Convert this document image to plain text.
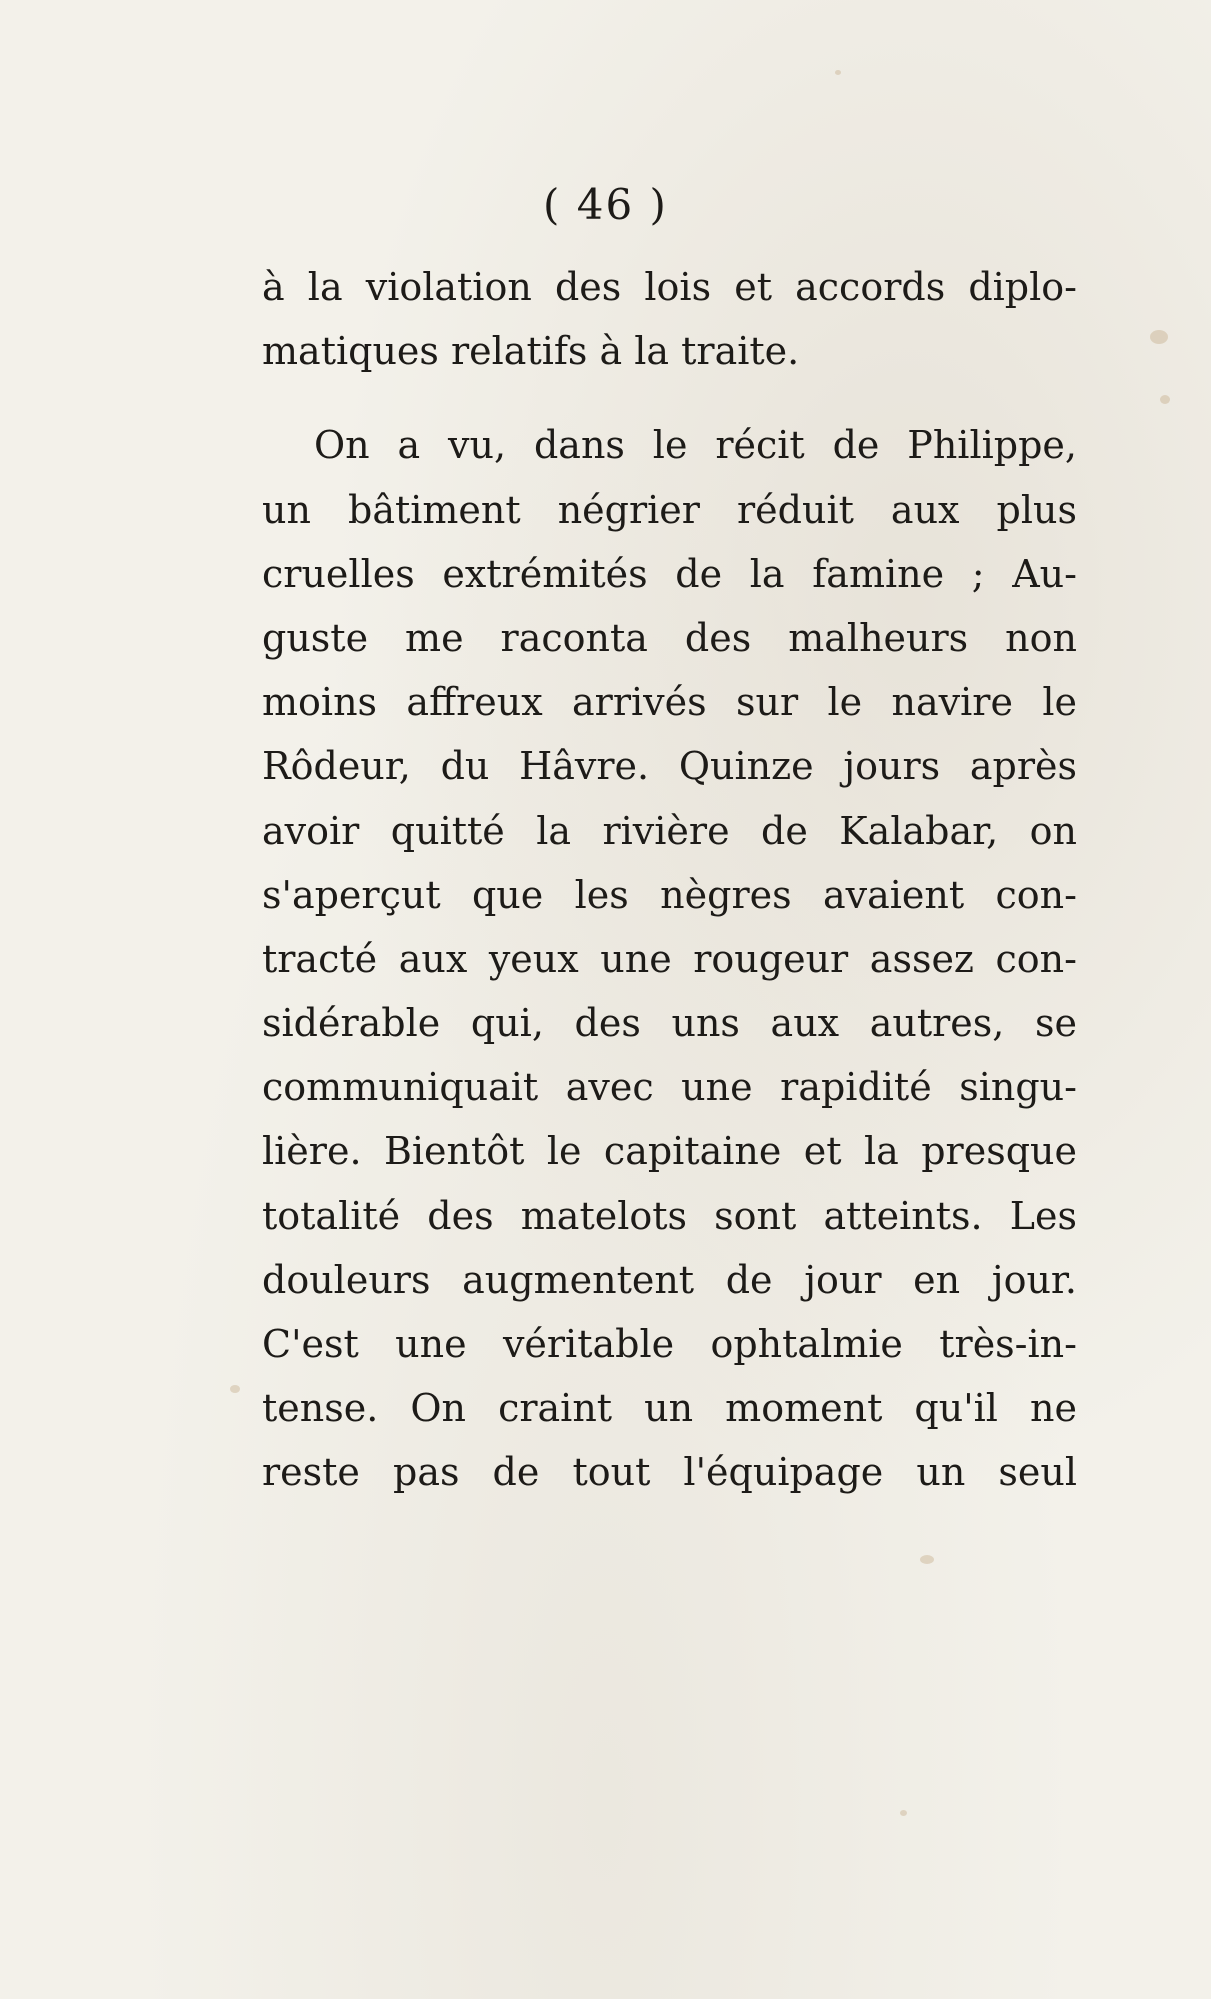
( 46 )
à la violation des lois et accords diplo-
matiques relatifs à la traite.
On a vu, dans le récit de Philippe,
un bâtiment négrier réduit aux plus
cruelles extrémités de la famine ; Au-
guste me raconta des malheurs non
moins affreux arrivés sur le navire le
Rôdeur, du Hâvre. Quinze jours après
avoir quitté la rivière de Kalabar, on
s'aperçut que les nègres avaient con-
tracté aux yeux une rougeur assez con-
sidérable qui, des uns aux autres, se
communiquait avec une rapidité singu-
lière. Bientôt le capitaine et la presque
totalité des matelots sont atteints. Les
douleurs augmentent de jour en jour.
C'est une véritable ophtalmie très-in-
tense. On craint un moment qu'il ne
reste pas de tout l'équipage un seul
